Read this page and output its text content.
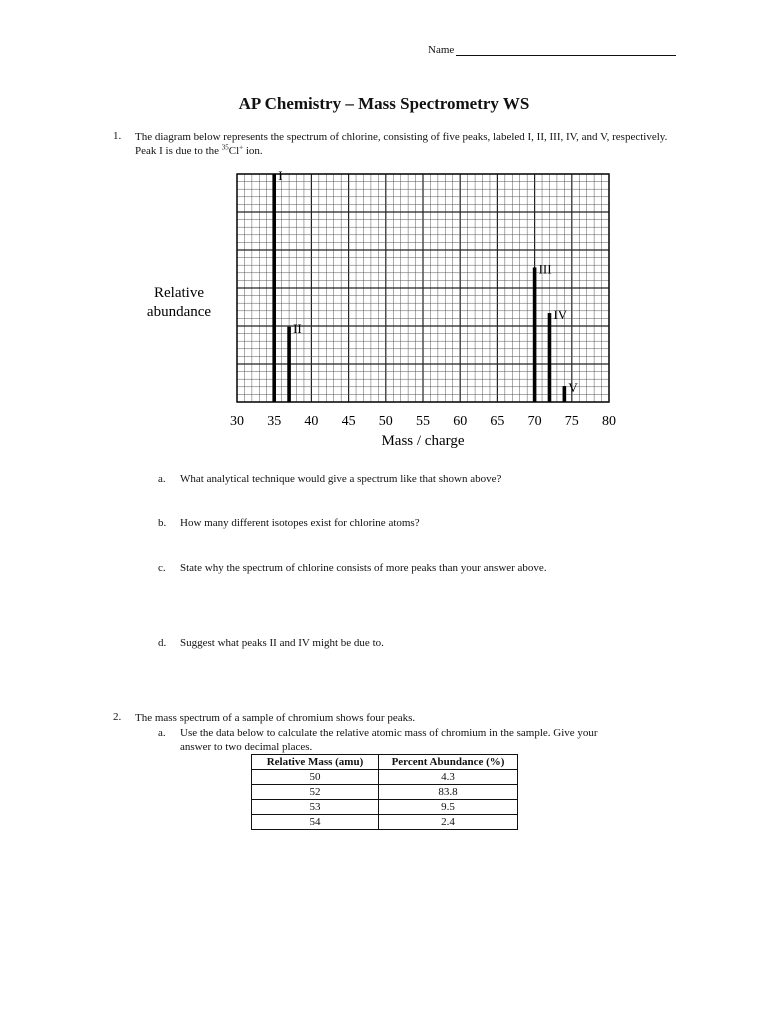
Name
AP Chemistry – Mass Spectrometry WS
1. The diagram below represents the spectrum of chlorine, consisting of five peaks, labeled I, II, III, IV, and V, respectively. Peak I is due to the $^{35}$Cl+ ion.
I
II
III
IV
V
30 35 40 45 50 55 60 65 70 75 80
Relative
abundance
Mass / charge
a. What analytical technique would give a spectrum like that shown above?
b. How many different isotopes exist for chlorine atoms?
c. State why the spectrum of chlorine consists of more peaks than your answer above.
d. Suggest what peaks II and IV might be due to.
2. The mass spectrum of a sample of chromium shows four peaks.
a. Use the data below to calculate the relative atomic mass of chromium in the sample. Give your
answer to two decimal places.
Relative Mass (amu)	Percent Abundance (%)
50	4.3
52	83.8
53	9.5
54	2.4
